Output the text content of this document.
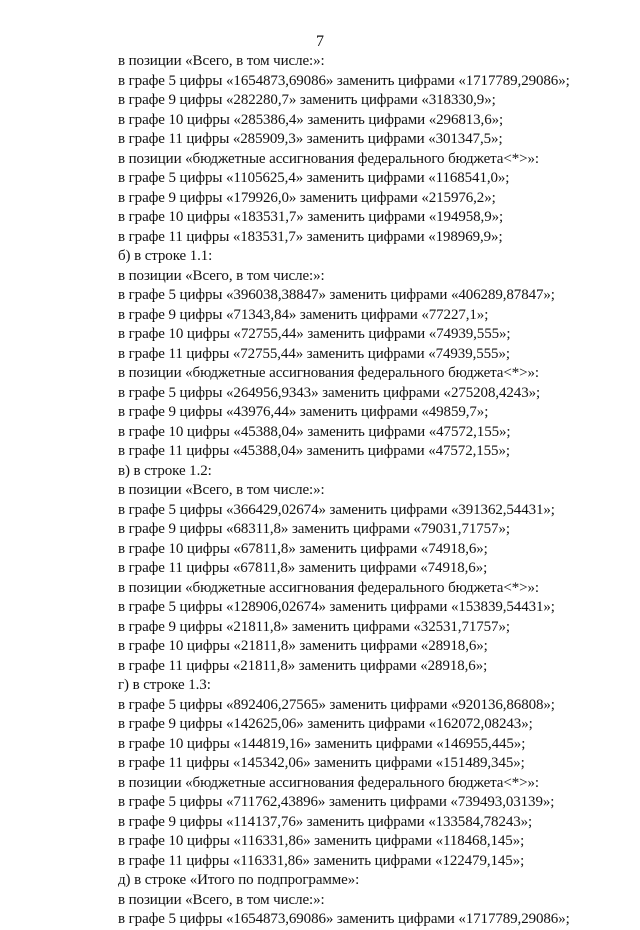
7
в позиции «Всего, в том числе:»:
в графе 5 цифры «1654873,69086» заменить цифрами «1717789,29086»;
в графе 9 цифры «282280,7» заменить цифрами «318330,9»;
в графе 10 цифры «285386,4» заменить цифрами «296813,6»;
в графе 11 цифры «285909,3» заменить цифрами «301347,5»;
в позиции «бюджетные ассигнования федерального бюджета<*>»:
в графе 5 цифры «1105625,4» заменить цифрами «1168541,0»;
в графе 9 цифры «179926,0» заменить цифрами «215976,2»;
в графе 10 цифры «183531,7» заменить цифрами «194958,9»;
в графе 11 цифры «183531,7» заменить цифрами «198969,9»;
б) в строке 1.1:
в позиции «Всего, в том числе:»:
в графе 5 цифры «396038,38847» заменить цифрами «406289,87847»;
в графе 9 цифры «71343,84» заменить цифрами «77227,1»;
в графе 10 цифры «72755,44» заменить цифрами «74939,555»;
в графе 11 цифры «72755,44» заменить цифрами «74939,555»;
в позиции «бюджетные ассигнования федерального бюджета<*>»:
в графе 5 цифры «264956,9343» заменить цифрами «275208,4243»;
в графе 9 цифры «43976,44» заменить цифрами «49859,7»;
в графе 10 цифры «45388,04» заменить цифрами «47572,155»;
в графе 11 цифры «45388,04» заменить цифрами «47572,155»;
в) в строке 1.2:
в позиции «Всего, в том числе:»:
в графе 5 цифры «366429,02674» заменить цифрами «391362,54431»;
в графе 9 цифры «68311,8» заменить цифрами «79031,71757»;
в графе 10 цифры «67811,8» заменить цифрами «74918,6»;
в графе 11 цифры «67811,8» заменить цифрами «74918,6»;
в позиции «бюджетные ассигнования федерального бюджета<*>»:
в графе 5 цифры «128906,02674» заменить цифрами «153839,54431»;
в графе 9 цифры «21811,8» заменить цифрами «32531,71757»;
в графе 10 цифры «21811,8» заменить цифрами «28918,6»;
в графе 11 цифры «21811,8» заменить цифрами «28918,6»;
г) в строке 1.3:
в графе 5 цифры «892406,27565» заменить цифрами «920136,86808»;
в графе 9 цифры «142625,06» заменить цифрами «162072,08243»;
в графе 10 цифры «144819,16» заменить цифрами «146955,445»;
в графе 11 цифры «145342,06» заменить цифрами «151489,345»;
в позиции «бюджетные ассигнования федерального бюджета<*>»:
в графе 5 цифры «711762,43896» заменить цифрами «739493,03139»;
в графе 9 цифры «114137,76» заменить цифрами «133584,78243»;
в графе 10 цифры «116331,86» заменить цифрами «118468,145»;
в графе 11 цифры «116331,86» заменить цифрами «122479,145»;
д) в строке «Итого по подпрограмме»:
в позиции «Всего, в том числе:»:
в графе 5 цифры «1654873,69086» заменить цифрами «1717789,29086»;
